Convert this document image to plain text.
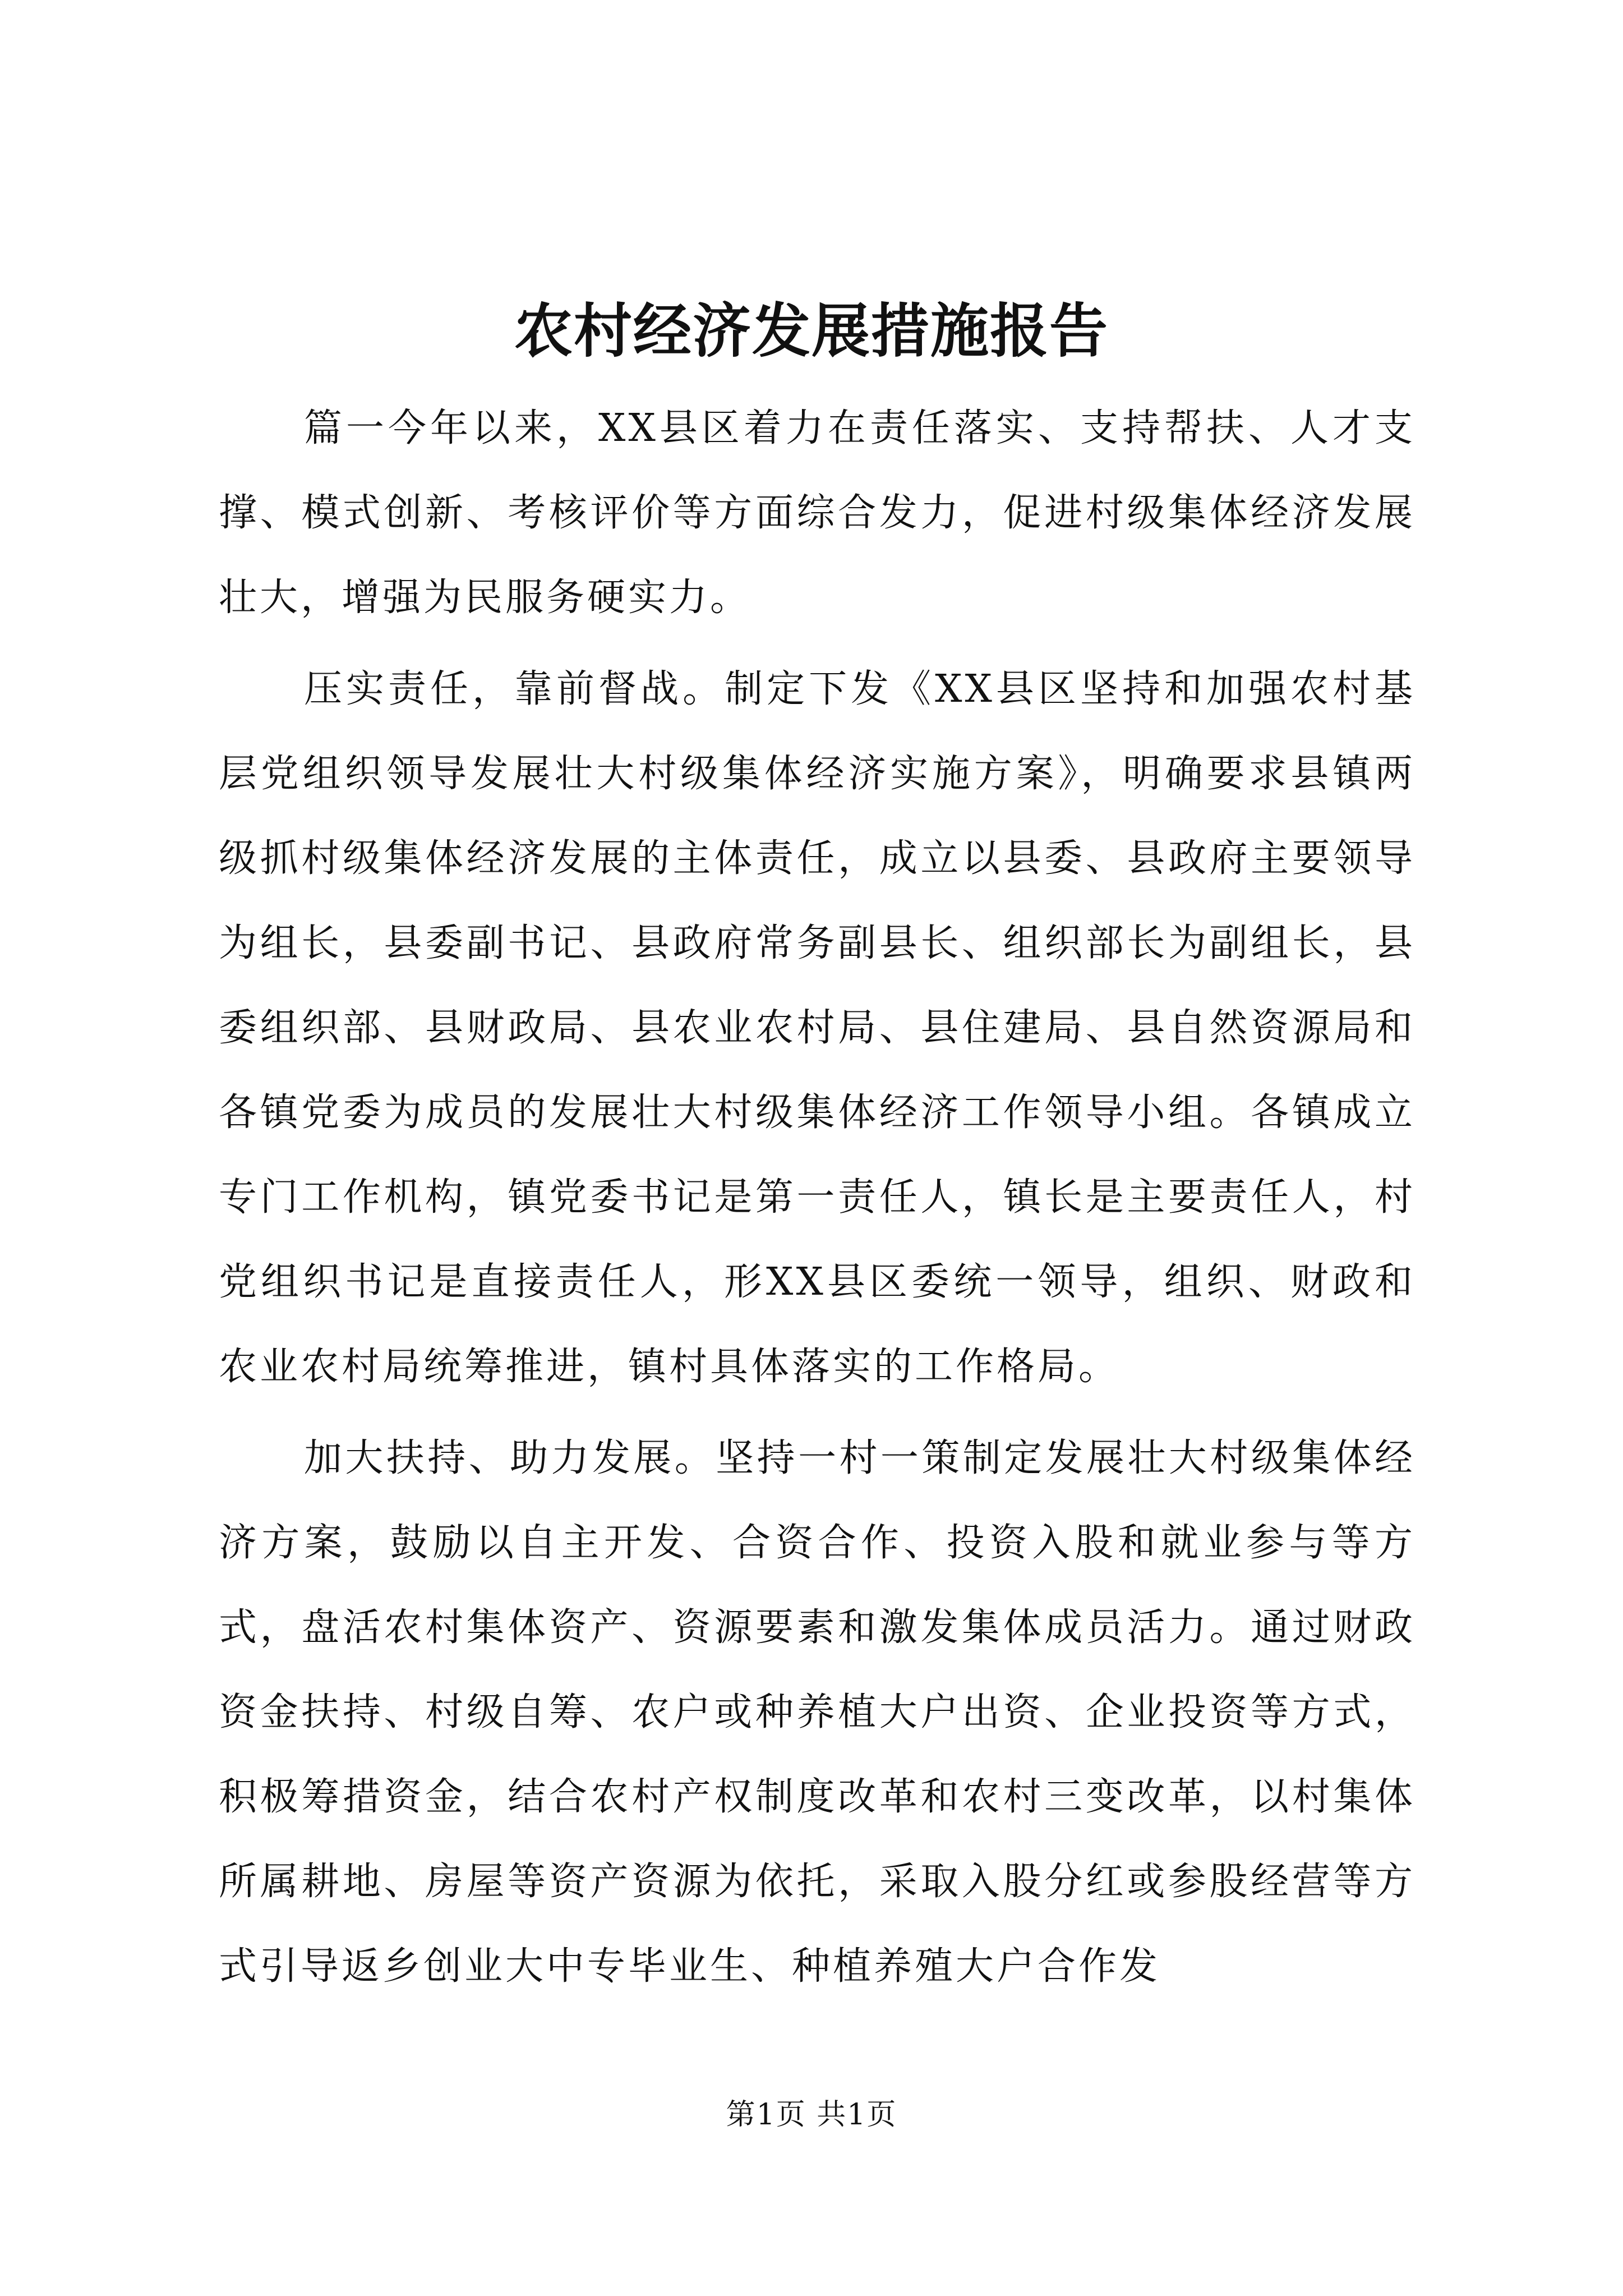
农村经济发展措施报告

篇一今年以来，XX县区着力在责任落实、支持帮扶、人才支撑、模式创新、考核评价等方面综合发力，促进村级集体经济发展壮大，增强为民服务硬实力。

压实责任，靠前督战。制定下发《XX县区坚持和加强农村基层党组织领导发展壮大村级集体经济实施方案》，明确要求县镇两级抓村级集体经济发展的主体责任，成立以县委、县政府主要领导为组长，县委副书记、县政府常务副县长、组织部长为副组长，县委组织部、县财政局、县农业农村局、县住建局、县自然资源局和各镇党委为成员的发展壮大村级集体经济工作领导小组。各镇成立专门工作机构，镇党委书记是第一责任人，镇长是主要责任人，村党组织书记是直接责任人，形XX县区委统一领导，组织、财政和农业农村局统筹推进，镇村具体落实的工作格局。

加大扶持、助力发展。坚持一村一策制定发展壮大村级集体经济方案，鼓励以自主开发、合资合作、投资入股和就业参与等方式，盘活农村集体资产、资源要素和激发集体成员活力。通过财政资金扶持、村级自筹、农户或种养植大户出资、企业投资等方式，积极筹措资金，结合农村产权制度改革和农村三变改革，以村集体所属耕地、房屋等资产资源为依托，采取入股分红或参股经营等方式引导返乡创业大中专毕业生、种植养殖大户合作发

第1页 共1页
